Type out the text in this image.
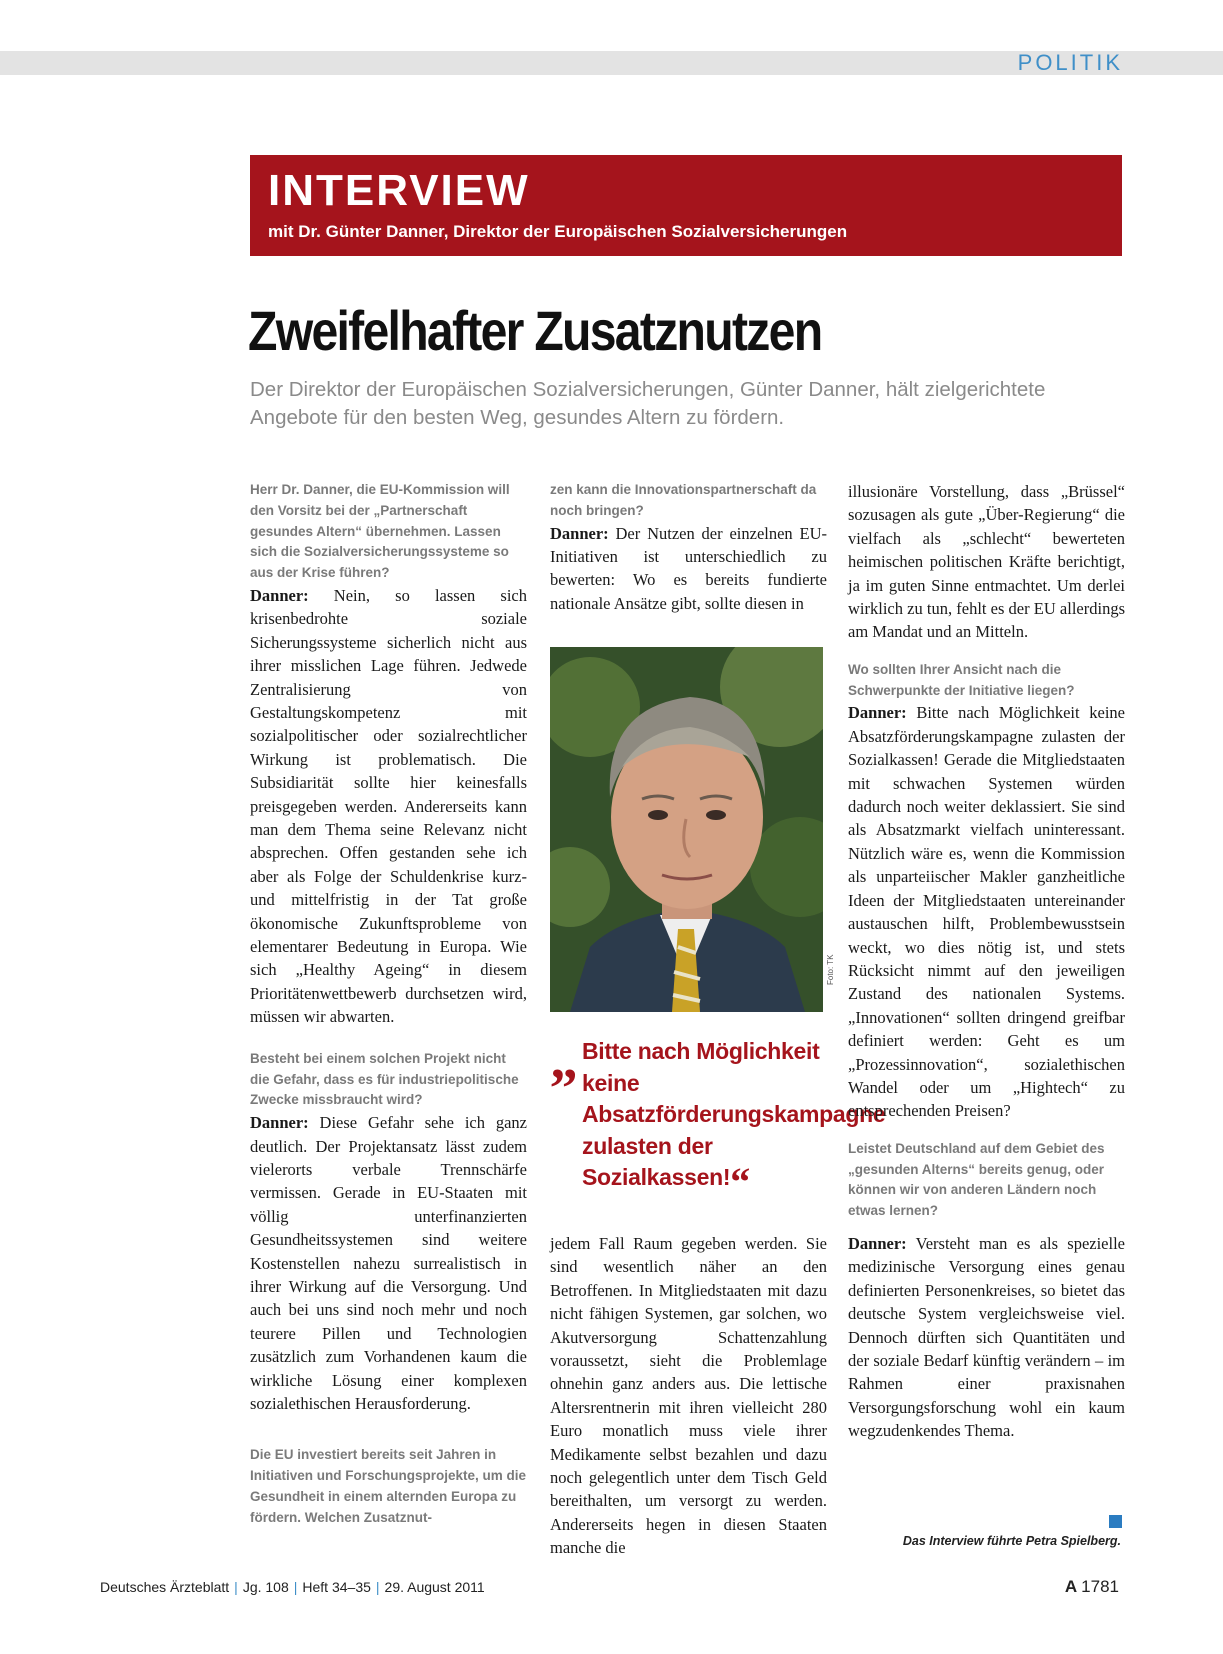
POLITIK
INTERVIEW
mit Dr. Günter Danner, Direktor der Europäischen Sozialversicherungen
Zweifelhafter Zusatznutzen
Der Direktor der Europäischen Sozialversicherungen, Günter Danner, hält zielgerichtete Angebote für den besten Weg, gesundes Altern zu fördern.

Herr Dr. Danner, die EU-Kommission will den Vorsitz bei der „Partnerschaft gesundes Altern“ übernehmen. Lassen sich die Sozialversicherungssysteme so aus der Krise führen?

Danner: Nein, so lassen sich krisenbedrohte soziale Sicherungssysteme sicherlich nicht aus ihrer misslichen Lage führen. Jedwede Zentralisierung von Gestaltungskompetenz mit sozialpolitischer oder sozialrechtlicher Wirkung ist problematisch. Die Subsidiarität sollte hier keinesfalls preisgegeben werden. Andererseits kann man dem Thema seine Relevanz nicht absprechen. Offen gestanden sehe ich aber als Folge der Schuldenkrise kurz- und mittelfristig in der Tat große ökonomische Zukunftsprobleme von elementarer Bedeutung in Europa. Wie sich „Healthy Ageing“ in diesem Prioritätenwettbewerb durchsetzen wird, müssen wir abwarten.

Besteht bei einem solchen Projekt nicht die Gefahr, dass es für industriepolitische Zwecke missbraucht wird?

Danner: Diese Gefahr sehe ich ganz deutlich. Der Projektansatz lässt zudem vielerorts verbale Trennschärfe vermissen. Gerade in EU-Staaten mit völlig unterfinanzierten Gesundheitssystemen sind weitere Kostenstellen nahezu surrealistisch in ihrer Wirkung auf die Versorgung. Und auch bei uns sind noch mehr und noch teurere Pillen und Technologien zusätzlich zum Vorhandenen kaum die wirkliche Lösung einer komplexen sozialethischen Herausforderung.

Die EU investiert bereits seit Jahren in Initiativen und Forschungsprojekte, um die Gesundheit in einem alternden Europa zu fördern. Welchen Zusatznut-

zen kann die Innovationspartnerschaft da noch bringen?

Danner: Der Nutzen der einzelnen EU-Initiativen ist unterschiedlich zu bewerten: Wo es bereits fundierte nationale Ansätze gibt, sollte diesen in

Foto: TK
„ Bitte nach Möglichkeit keine Absatzförderungskampagne zulasten der Sozialkassen!“

jedem Fall Raum gegeben werden. Sie sind wesentlich näher an den Betroffenen. In Mitgliedstaaten mit dazu nicht fähigen Systemen, gar solchen, wo Akutversorgung Schattenzahlung voraussetzt, sieht die Problemlage ohnehin ganz anders aus. Die lettische Altersrentnerin mit ihren vielleicht 280 Euro monatlich muss viele ihrer Medikamente selbst bezahlen und dazu noch gelegentlich unter dem Tisch Geld bereithalten, um versorgt zu werden. Andererseits hegen in diesen Staaten manche die

illusionäre Vorstellung, dass „Brüssel“ sozusagen als gute „Über-Regierung“ die vielfach als „schlecht“ bewerteten heimischen politischen Kräfte berichtigt, ja im guten Sinne entmachtet. Um derlei wirklich zu tun, fehlt es der EU allerdings am Mandat und an Mitteln.

Wo sollten Ihrer Ansicht nach die Schwerpunkte der Initiative liegen?

Danner: Bitte nach Möglichkeit keine Absatzförderungskampagne zulasten der Sozialkassen! Gerade die Mitgliedstaaten mit schwachen Systemen würden dadurch noch weiter deklassiert. Sie sind als Absatzmarkt vielfach uninteressant. Nützlich wäre es, wenn die Kommission als unparteiischer Makler ganzheitliche Ideen der Mitgliedstaaten untereinander austauschen hilft, Problembewusstsein weckt, wo dies nötig ist, und stets Rücksicht nimmt auf den jeweiligen Zustand des nationalen Systems. „Innovationen“ sollten dringend greifbar definiert werden: Geht es um „Prozessinnovation“, sozialethischen Wandel oder um „Hightech“ zu entsprechenden Preisen?

Leistet Deutschland auf dem Gebiet des „gesunden Alterns“ bereits genug, oder können wir von anderen Ländern noch etwas lernen?

Danner: Versteht man es als spezielle medizinische Versorgung eines genau definierten Personenkreises, so bietet das deutsche System vergleichsweise viel. Dennoch dürften sich Quantitäten und der soziale Bedarf künftig verändern – im Rahmen einer praxisnahen Versorgungsforschung wohl ein kaum wegzudenkendes Thema.

Das Interview führte Petra Spielberg.
Deutsches Ärzteblatt | Jg. 108 | Heft 34–35 | 29. August 2011	A 1781
